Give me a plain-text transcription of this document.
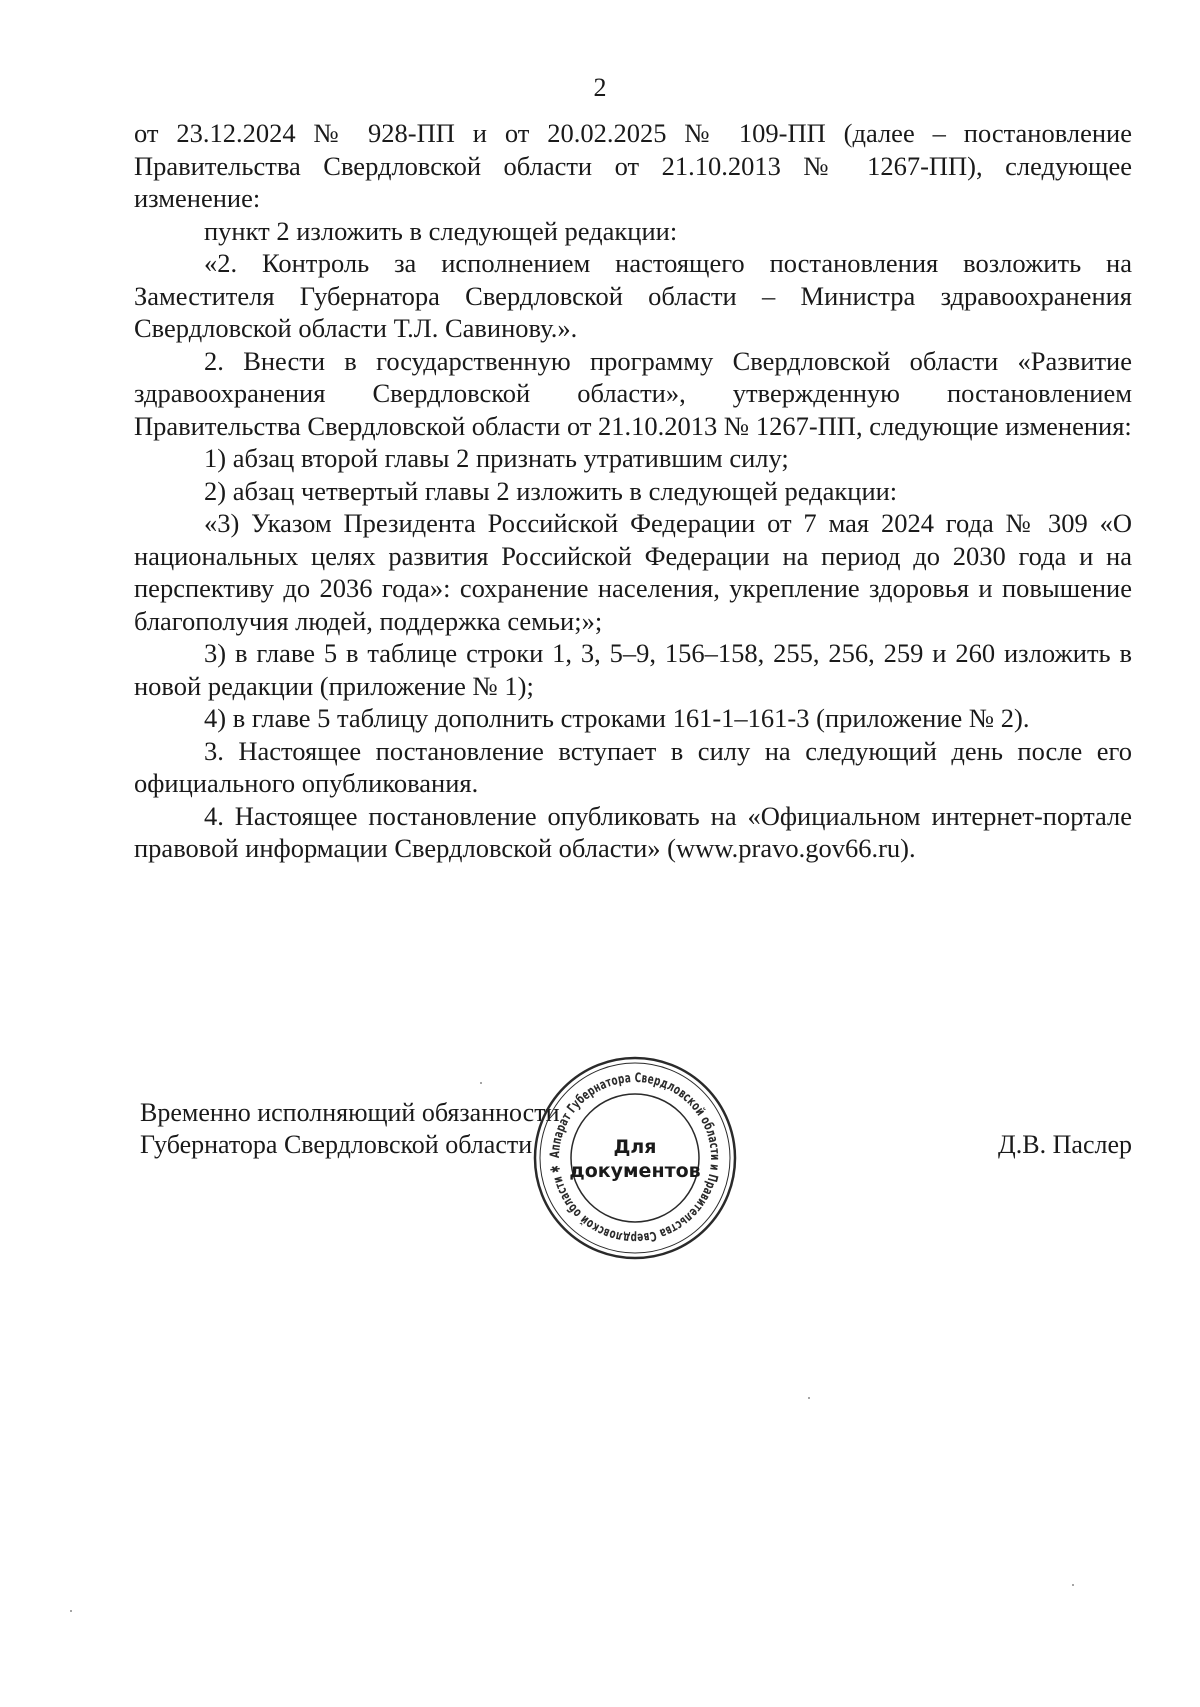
2

от 23.12.2024 № 928-ПП и от 20.02.2025 № 109-ПП (далее – постановление Правительства Свердловской области от 21.10.2013 № 1267-ПП), следующее изменение:

пункт 2 изложить в следующей редакции:

«2. Контроль за исполнением настоящего постановления возложить на Заместителя Губернатора Свердловской области – Министра здравоохранения Свердловской области Т.Л. Савинову.».

2. Внести в государственную программу Свердловской области «Развитие здравоохранения Свердловской области», утвержденную постановлением Правительства Свердловской области от 21.10.2013 № 1267-ПП, следующие изменения:

1) абзац второй главы 2 признать утратившим силу;

2) абзац четвертый главы 2 изложить в следующей редакции:

«3) Указом Президента Российской Федерации от 7 мая 2024 года № 309 «О национальных целях развития Российской Федерации на период до 2030 года и на перспективу до 2036 года»: сохранение населения, укрепление здоровья и повышение благополучия людей, поддержка семьи;»;

3) в главе 5 в таблице строки 1, 3, 5–9, 156–158, 255, 256, 259 и 260 изложить в новой редакции (приложение № 1);

4) в главе 5 таблицу дополнить строками 161-1–161-3 (приложение № 2).

3. Настоящее постановление вступает в силу на следующий день после его официального опубликования.

4. Настоящее постановление опубликовать на «Официальном интернет-портале правовой информации Свердловской области» (www.pravo.gov66.ru).

Временно исполняющий обязанности
Губернатора Свердловской области	Д.В. Паслер
Аппарат Губернатора Свердловской области и Правительства Свердловской области ✱
Для
документов
